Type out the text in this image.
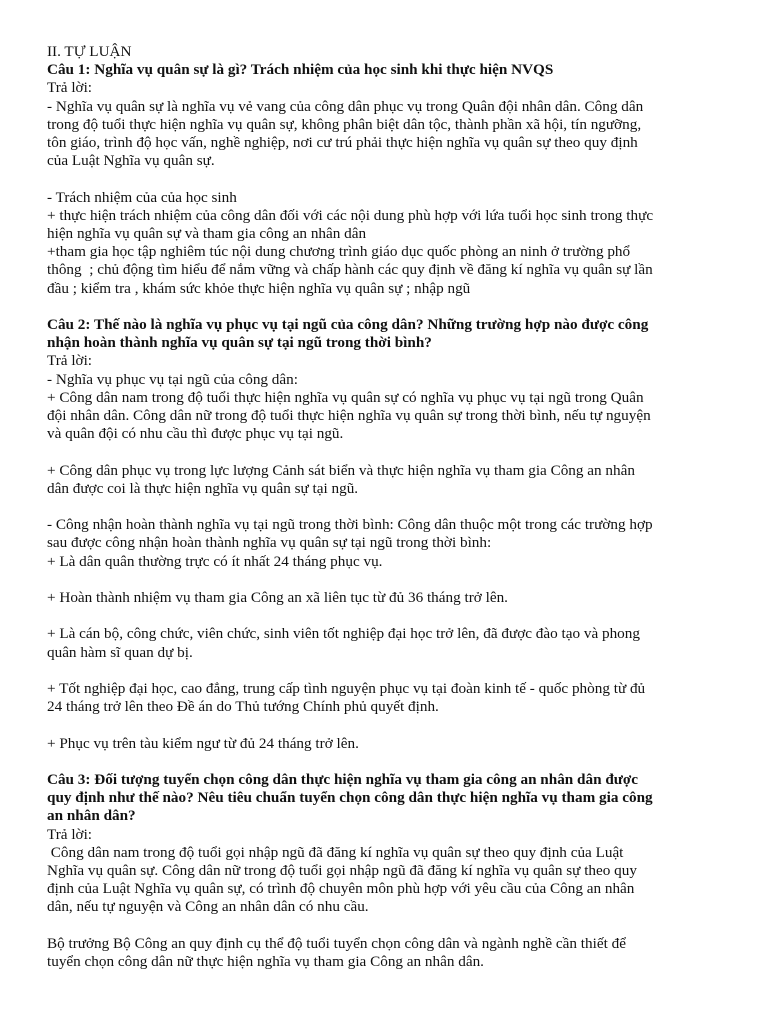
II. TỰ LUẬN
Câu 1: Nghĩa vụ quân sự là gì? Trách nhiệm của học sinh khi thực hiện NVQS
Trả lời:
- Nghĩa vụ quân sự là nghĩa vụ vẻ vang của công dân phục vụ trong Quân đội nhân dân. Công dân
trong độ tuổi thực hiện nghĩa vụ quân sự, không phân biệt dân tộc, thành phần xã hội, tín ngưỡng,
tôn giáo, trình độ học vấn, nghề nghiệp, nơi cư trú phải thực hiện nghĩa vụ quân sự theo quy định
của Luật Nghĩa vụ quân sự.
- Trách nhiệm của của học sinh
+ thực hiện trách nhiệm của công dân đối với các nội dung phù hợp với lứa tuổi học sinh trong thực
hiện nghĩa vụ quân sự và tham gia công an nhân dân
+tham gia học tập nghiêm túc nội dung chương trình giáo dục quốc phòng an ninh ở trường phổ
thông  ; chủ động tìm hiểu để nắm vững và chấp hành các quy định về đăng kí nghĩa vụ quân sự lần
đầu ; kiểm tra , khám sức khỏe thực hiện nghĩa vụ quân sự ; nhập ngũ
Câu 2: Thế nào là nghĩa vụ phục vụ tại ngũ của công dân? Những trường hợp nào được công
nhận hoàn thành nghĩa vụ quân sự tại ngũ trong thời bình?
Trả lời:
- Nghĩa vụ phục vụ tại ngũ của công dân:
+ Công dân nam trong độ tuổi thực hiện nghĩa vụ quân sự có nghĩa vụ phục vụ tại ngũ trong Quân
đội nhân dân. Công dân nữ trong độ tuổi thực hiện nghĩa vụ quân sự trong thời bình, nếu tự nguyện
và quân đội có nhu cầu thì được phục vụ tại ngũ.
+ Công dân phục vụ trong lực lượng Cảnh sát biển và thực hiện nghĩa vụ tham gia Công an nhân
dân được coi là thực hiện nghĩa vụ quân sự tại ngũ.
- Công nhận hoàn thành nghĩa vụ tại ngũ trong thời bình: Công dân thuộc một trong các trường hợp
sau được công nhận hoàn thành nghĩa vụ quân sự tại ngũ trong thời bình:
+ Là dân quân thường trực có ít nhất 24 tháng phục vụ.
+ Hoàn thành nhiệm vụ tham gia Công an xã liên tục từ đủ 36 tháng trở lên.
+ Là cán bộ, công chức, viên chức, sinh viên tốt nghiệp đại học trở lên, đã được đào tạo và phong
quân hàm sĩ quan dự bị.
+ Tốt nghiệp đại học, cao đẳng, trung cấp tình nguyện phục vụ tại đoàn kinh tế - quốc phòng từ đủ
24 tháng trở lên theo Đề án do Thủ tướng Chính phủ quyết định.
+ Phục vụ trên tàu kiểm ngư từ đủ 24 tháng trở lên.
Câu 3: Đối tượng tuyển chọn công dân thực hiện nghĩa vụ tham gia công an nhân dân được
quy định như thế nào? Nêu tiêu chuẩn tuyển chọn công dân thực hiện nghĩa vụ tham gia công
an nhân dân?
Trả lời:
Công dân nam trong độ tuổi gọi nhập ngũ đã đăng kí nghĩa vụ quân sự theo quy định của Luật
Nghĩa vụ quân sự. Công dân nữ trong độ tuổi gọi nhập ngũ đã đăng kí nghĩa vụ quân sự theo quy
định của Luật Nghĩa vụ quân sự, có trình độ chuyên môn phù hợp với yêu cầu của Công an nhân
dân, nếu tự nguyện và Công an nhân dân có nhu cầu.
Bộ trưởng Bộ Công an quy định cụ thể độ tuổi tuyển chọn công dân và ngành nghề cần thiết để
tuyển chọn công dân nữ thực hiện nghĩa vụ tham gia Công an nhân dân.
